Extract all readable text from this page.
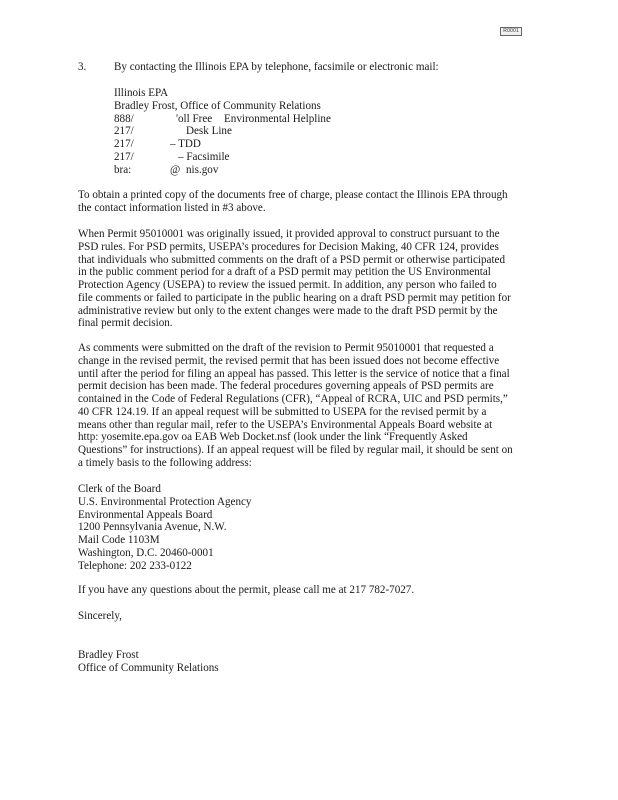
R0001
3. By contacting the Illinois EPA by telephone, facsimile or electronic mail:
Illinois EPA
Bradley Frost, Office of Community Relations
888/	'oll Free Environmental Helpline
217/	Desk Line
217/	– TDD
217/	– Facsimile
bra:	@ nis.gov
To obtain a printed copy of the documents free of charge, please contact the Illinois EPA through
the contact information listed in #3 above.
When Permit 95010001 was originally issued, it provided approval to construct pursuant to the
PSD rules. For PSD permits, USEPA’s procedures for Decision Making, 40 CFR 124, provides
that individuals who submitted comments on the draft of a PSD permit or otherwise participated
in the public comment period for a draft of a PSD permit may petition the US Environmental
Protection Agency (USEPA) to review the issued permit. In addition, any person who failed to
file comments or failed to participate in the public hearing on a draft PSD permit may petition for
administrative review but only to the extent changes were made to the draft PSD permit by the
final permit decision.
As comments were submitted on the draft of the revision to Permit 95010001 that requested a
change in the revised permit, the revised permit that has been issued does not become effective
until after the period for filing an appeal has passed. This letter is the service of notice that a final
permit decision has been made. The federal procedures governing appeals of PSD permits are
contained in the Code of Federal Regulations (CFR), “Appeal of RCRA, UIC and PSD permits,”
40 CFR 124.19. If an appeal request will be submitted to USEPA for the revised permit by a
means other than regular mail, refer to the USEPA’s Environmental Appeals Board website at
http: yosemite.epa.gov oa EAB Web Docket.nsf (look under the link “Frequently Asked
Questions” for instructions). If an appeal request will be filed by regular mail, it should be sent on
a timely basis to the following address:
Clerk of the Board
U.S. Environmental Protection Agency
Environmental Appeals Board
1200 Pennsylvania Avenue, N.W.
Mail Code 1103M
Washington, D.C. 20460-0001
Telephone: 202 233-0122
If you have any questions about the permit, please call me at 217 782-7027.
Sincerely,
Bradley Frost
Office of Community Relations
